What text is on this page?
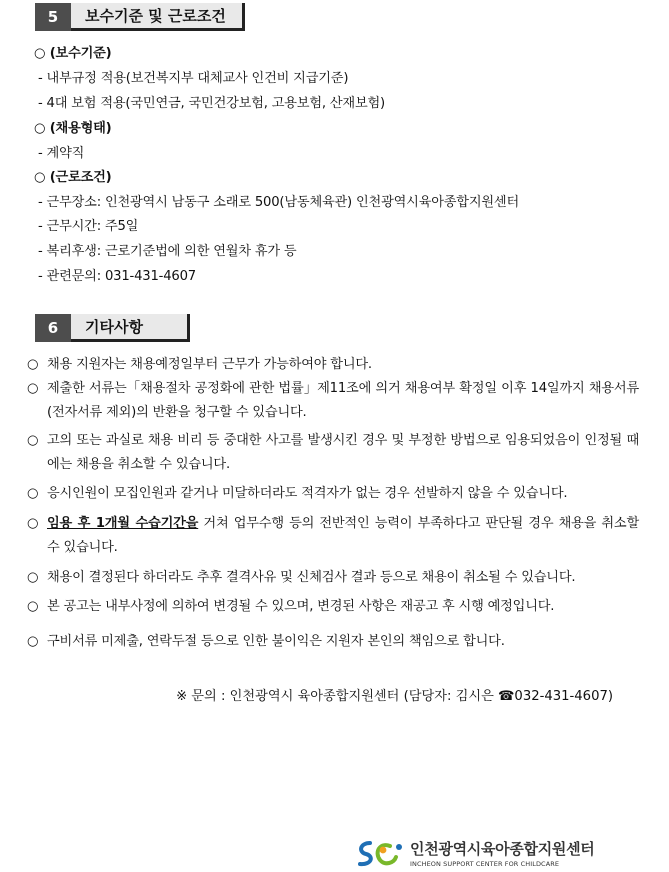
5	보수기준 및 근로조건
○ (보수기준)
- 내부규정 적용(보건복지부 대체교사 인건비 지급기준)
- 4대 보험 적용(국민연금, 국민건강보험, 고용보험, 산재보험)
○ (채용형태)
- 계약직
○ (근로조건)
- 근무장소: 인천광역시 남동구 소래로 500(남동체육관) 인천광역시육아종합지원센터
- 근무시간: 주5일
- 복리후생: 근로기준법에 의한 연월차 휴가 등
- 관련문의: 031-431-4607
6	기타사항
○ 채용 지원자는 채용예정일부터 근무가 가능하여야 합니다.
○ 제출한 서류는「채용절차 공정화에 관한 법률」제11조에 의거 채용여부 확정일 이후 14일까지 채용서류(전자서류 제외)의 반환을 청구할 수 있습니다.
○ 고의 또는 과실로 채용 비리 등 중대한 사고를 발생시킨 경우 및 부정한 방법으로 임용되었음이 인정될 때에는 채용을 취소할 수 있습니다.
○ 응시인원이 모집인원과 같거나 미달하더라도 적격자가 없는 경우 선발하지 않을 수 있습니다.
○ 임용 후 1개월 수습기간을 거쳐 업무수행 등의 전반적인 능력이 부족하다고 판단될 경우 채용을 취소할 수 있습니다.
○ 채용이 결정된다 하더라도 추후 결격사유 및 신체검사 결과 등으로 채용이 취소될 수 있습니다.
○ 본 공고는 내부사정에 의하여 변경될 수 있으며, 변경된 사항은 재공고 후 시행 예정입니다.
○ 구비서류 미제출, 연락두절 등으로 인한 불이익은 지원자 본인의 책임으로 합니다.
※ 문의 : 인천광역시 육아종합지원센터 (담당자: 김시은 ☎032-431-4607)
인천광역시육아종합지원센터
INCHEON SUPPORT CENTER FOR CHILDCARE
